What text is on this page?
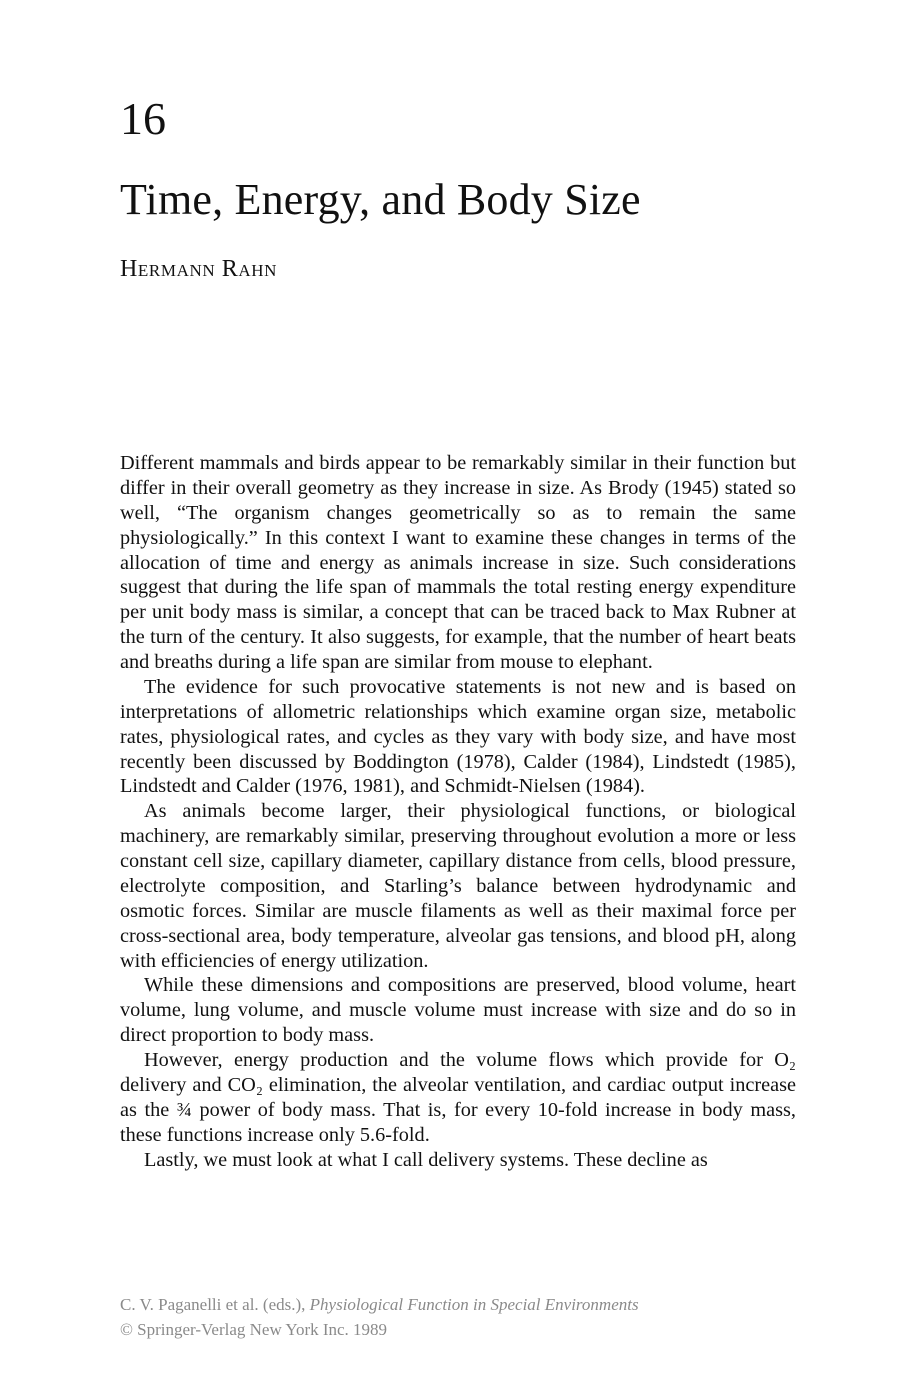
16
Time, Energy, and Body Size
Hermann Rahn

Different mammals and birds appear to be remarkably similar in their function but differ in their overall geometry as they increase in size. As Brody (1945) stated so well, “The organism changes geometrically so as to remain the same physiologically.” In this context I want to examine these changes in terms of the allocation of time and energy as animals increase in size. Such considerations suggest that during the life span of mammals the total resting energy expenditure per unit body mass is similar, a concept that can be traced back to Max Rubner at the turn of the century. It also suggests, for example, that the number of heart beats and breaths during a life span are similar from mouse to elephant.

The evidence for such provocative statements is not new and is based on interpretations of allometric relationships which examine organ size, metabolic rates, physiological rates, and cycles as they vary with body size, and have most recently been discussed by Boddington (1978), Calder (1984), Lindstedt (1985), Lindstedt and Calder (1976, 1981), and Schmidt-Nielsen (1984).

As animals become larger, their physiological functions, or biological machinery, are remarkably similar, preserving throughout evolution a more or less constant cell size, capillary diameter, capillary distance from cells, blood pressure, electrolyte composition, and Starling’s balance between hydrodynamic and osmotic forces. Similar are muscle filaments as well as their maximal force per cross-sectional area, body temperature, alveolar gas tensions, and blood pH, along with efficiencies of energy utilization.

While these dimensions and compositions are preserved, blood volume, heart volume, lung volume, and muscle volume must increase with size and do so in direct proportion to body mass.

However, energy production and the volume flows which provide for O₂ delivery and CO₂ elimination, the alveolar ventilation, and cardiac output increase as the ¾ power of body mass. That is, for every 10-fold increase in body mass, these functions increase only 5.6-fold.

Lastly, we must look at what I call delivery systems. These decline as

C. V. Paganelli et al. (eds.), Physiological Function in Special Environments
© Springer-Verlag New York Inc. 1989
